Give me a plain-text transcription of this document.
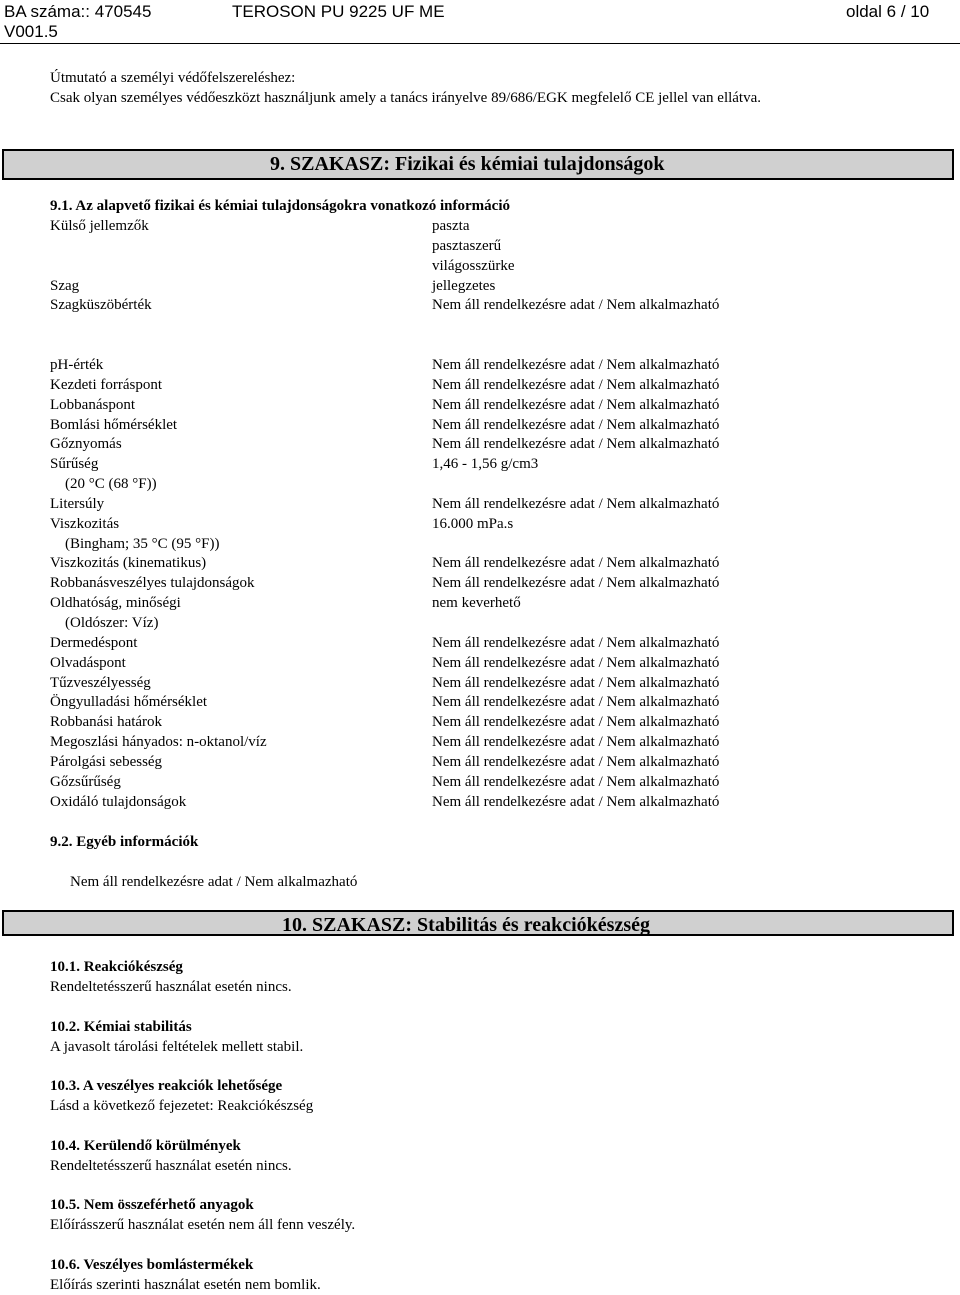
BA száma:: 470545
V001.5
TEROSON PU 9225 UF ME	oldal 6 / 10
Útmutató a személyi védőfelszereléshez:
Csak olyan személyes védőeszközt használjunk amely a tanács irányelve 89/686/EGK megfelelő CE jellel van ellátva.
9. SZAKASZ: Fizikai és kémiai tulajdonságok
9.1. Az alapvető fizikai és kémiai tulajdonságokra vonatkozó információ
Külső jellemzők	paszta
pasztaszerű
világosszürke
Szag	jellegzetes
Szagküszöbérték	Nem áll rendelkezésre adat / Nem alkalmazható
pH-érték	Nem áll rendelkezésre adat / Nem alkalmazható
Kezdeti forráspont	Nem áll rendelkezésre adat / Nem alkalmazható
Lobbanáspont	Nem áll rendelkezésre adat / Nem alkalmazható
Bomlási hőmérséklet	Nem áll rendelkezésre adat / Nem alkalmazható
Gőznyomás	Nem áll rendelkezésre adat / Nem alkalmazható
Sűrűség	1,46 - 1,56 g/cm3
(20 °C (68 °F))
Litersúly	Nem áll rendelkezésre adat / Nem alkalmazható
Viszkozitás	16.000 mPa.s
(Bingham; 35 °C (95 °F))
Viszkozitás (kinematikus)	Nem áll rendelkezésre adat / Nem alkalmazható
Robbanásveszélyes tulajdonságok	Nem áll rendelkezésre adat / Nem alkalmazható
Oldhatóság, minőségi	nem keverhető
(Oldószer: Víz)
Dermedéspont	Nem áll rendelkezésre adat / Nem alkalmazható
Olvadáspont	Nem áll rendelkezésre adat / Nem alkalmazható
Tűzveszélyesség	Nem áll rendelkezésre adat / Nem alkalmazható
Öngyulladási hőmérséklet	Nem áll rendelkezésre adat / Nem alkalmazható
Robbanási határok	Nem áll rendelkezésre adat / Nem alkalmazható
Megoszlási hányados: n-oktanol/víz	Nem áll rendelkezésre adat / Nem alkalmazható
Párolgási sebesség	Nem áll rendelkezésre adat / Nem alkalmazható
Gőzsűrűség	Nem áll rendelkezésre adat / Nem alkalmazható
Oxidáló tulajdonságok	Nem áll rendelkezésre adat / Nem alkalmazható
9.2. Egyéb információk
Nem áll rendelkezésre adat / Nem alkalmazható
10. SZAKASZ: Stabilitás és reakciókészség
10.1. Reakciókészség
Rendeltetésszerű használat esetén nincs.
10.2. Kémiai stabilitás
A javasolt tárolási feltételek mellett stabil.
10.3. A veszélyes reakciók lehetősége
Lásd a következő fejezetet: Reakciókészség
10.4. Kerülendő körülmények
Rendeltetésszerű használat esetén nincs.
10.5. Nem összeférhető anyagok
Előírásszerű használat esetén nem áll fenn veszély.
10.6. Veszélyes bomlástermékek
Előírás szerinti használat esetén nem bomlik.
